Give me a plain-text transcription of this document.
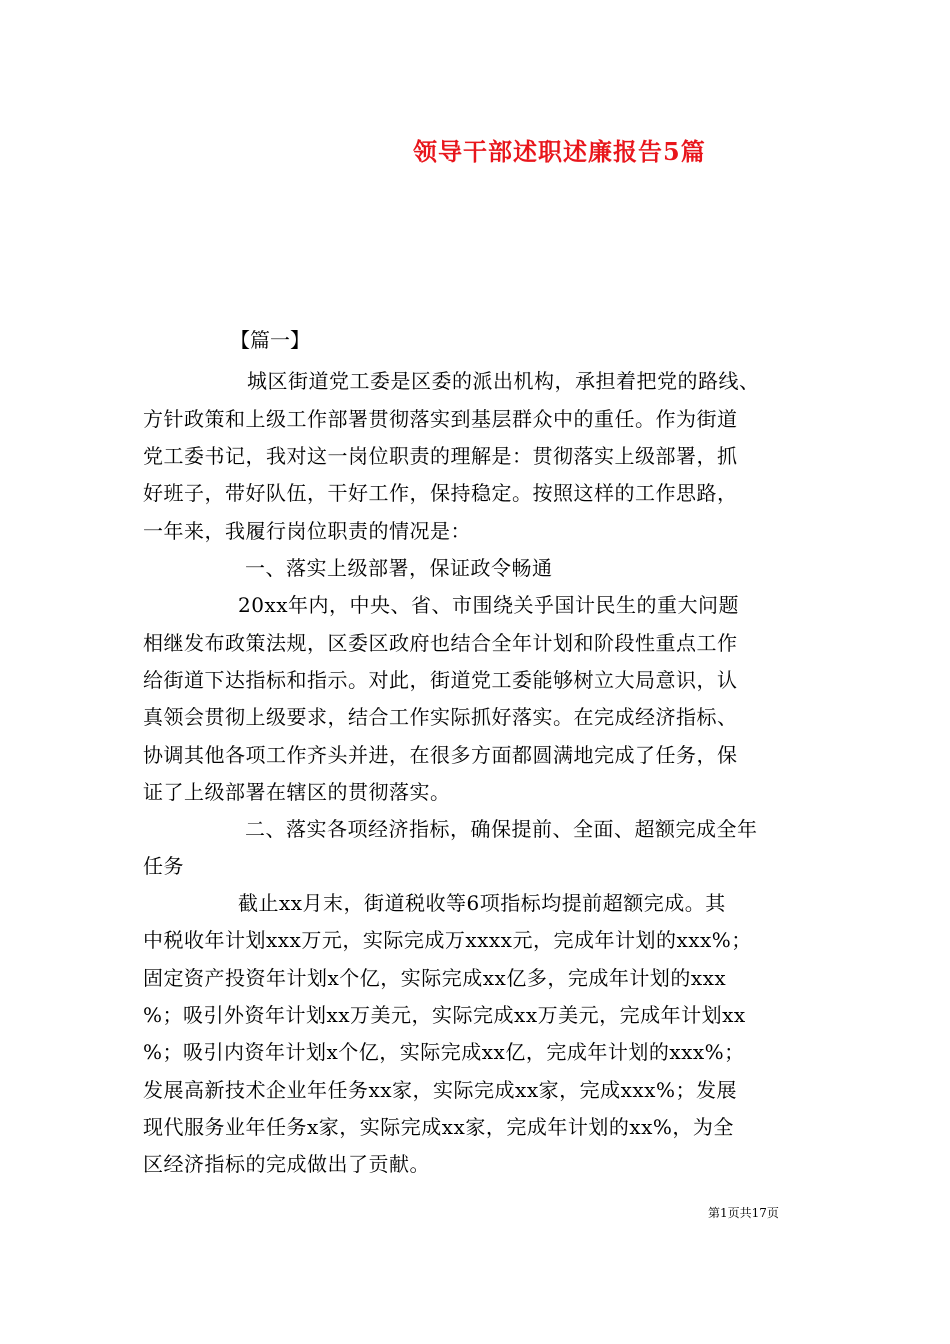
领导干部述职述廉报告5篇
【篇一】
城区街道党工委是区委的派出机构，承担着把党的路线、
方针政策和上级工作部署贯彻落实到基层群众中的重任。作为街道
党工委书记，我对这一岗位职责的理解是：贯彻落实上级部署，抓
好班子，带好队伍，干好工作，保持稳定。按照这样的工作思路，
一年来，我履行岗位职责的情况是：
一、落实上级部署，保证政令畅通
20xx年内，中央、省、市围绕关乎国计民生的重大问题
相继发布政策法规，区委区政府也结合全年计划和阶段性重点工作
给街道下达指标和指示。对此，街道党工委能够树立大局意识，认
真领会贯彻上级要求，结合工作实际抓好落实。在完成经济指标、
协调其他各项工作齐头并进，在很多方面都圆满地完成了任务，保
证了上级部署在辖区的贯彻落实。
二、落实各项经济指标，确保提前、全面、超额完成全年
任务
截止xx月末，街道税收等6项指标均提前超额完成。其
中税收年计划xxx万元，实际完成万xxxx元，完成年计划的xxx%；
固定资产投资年计划x个亿，实际完成xx亿多，完成年计划的xxx
%；吸引外资年计划xx万美元，实际完成xx万美元，完成年计划xx
%；吸引内资年计划x个亿，实际完成xx亿，完成年计划的xxx%；
发展高新技术企业年任务xx家，实际完成xx家，完成xxx%；发展
现代服务业年任务x家，实际完成xx家，完成年计划的xx%，为全
区经济指标的完成做出了贡献。
第1页共17页
